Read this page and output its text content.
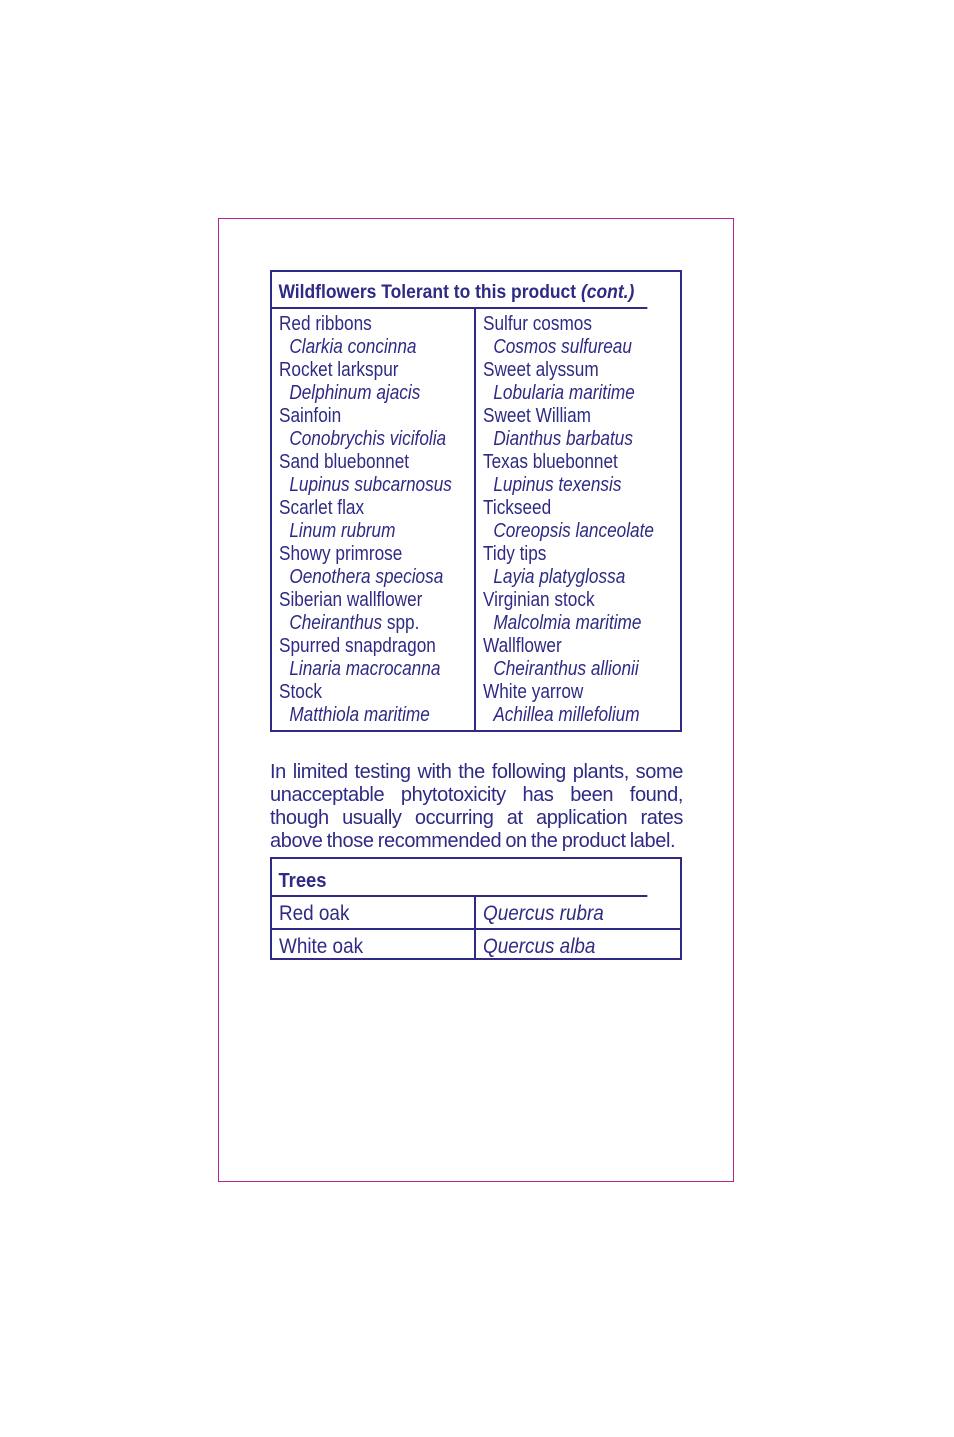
Wildflowers Tolerant to this product (cont.)
Red ribbons
Clarkia concinna
Rocket larkspur
Delphinum ajacis
Sainfoin
Conobrychis vicifolia
Sand bluebonnet
Lupinus subcarnosus
Scarlet flax
Linum rubrum
Showy primrose
Oenothera speciosa
Siberian wallflower
Cheiranthus spp.
Spurred snapdragon
Linaria macrocanna
Stock
Matthiola maritime
Sulfur cosmos
Cosmos sulfureau
Sweet alyssum
Lobularia maritime
Sweet William
Dianthus barbatus
Texas bluebonnet
Lupinus texensis
Tickseed
Coreopsis lanceolate
Tidy tips
Layia platyglossa
Virginian stock
Malcolmia maritime
Wallflower
Cheiranthus allionii
White yarrow
Achillea millefolium

In limited testing with the following plants, some unacceptable phytotoxicity has been found, though usually occurring at application rates above those recommended on the product label.

Trees
Red oak	Quercus rubra
White oak	Quercus alba
